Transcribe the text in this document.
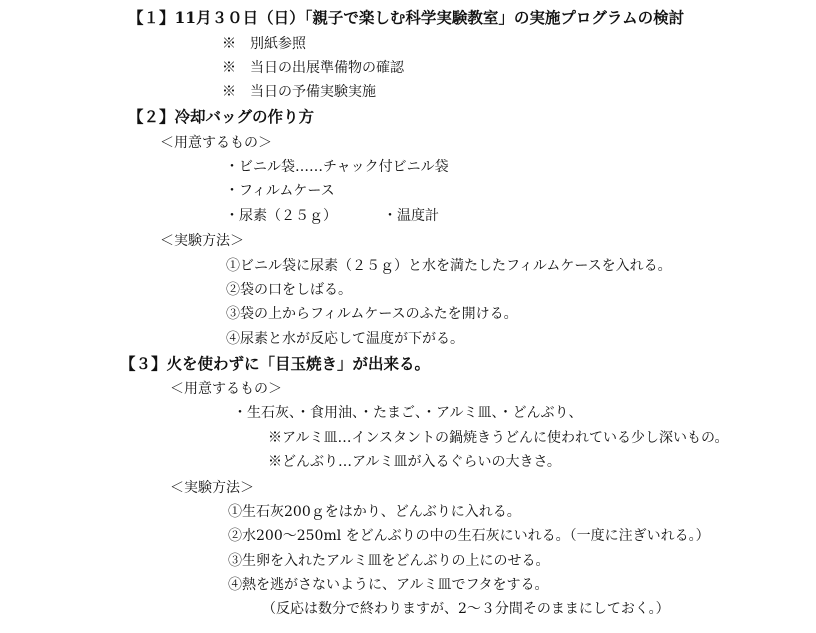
【１】11月３０日（日）「親子で楽しむ科学実験教室」の実施プログラムの検討
※　別紙参照
※　当日の出展準備物の確認
※　当日の予備実験実施
【２】冷却バッグの作り方
＜用意するもの＞
・ビニル袋……チャック付ビニル袋
・フィルムケース
・尿素（２５ｇ）	・温度計
＜実験方法＞
①ビニル袋に尿素（２５ｇ）と水を満たしたフィルムケースを入れる。
②袋の口をしばる。
③袋の上からフィルムケースのふたを開ける。
④尿素と水が反応して温度が下がる。
【３】火を使わずに「目玉焼き」が出来る。
＜用意するもの＞
・生石灰、・食用油、・たまご、・アルミ皿、・どんぶり、
※アルミ皿…インスタントの鍋焼きうどんに使われている少し深いもの。
※どんぶり…アルミ皿が入るぐらいの大きさ。
＜実験方法＞
①生石灰200ｇをはかり、どんぶりに入れる。
②水200～250ml をどんぶりの中の生石灰にいれる。（一度に注ぎいれる。）
③生卵を入れたアルミ皿をどんぶりの上にのせる。
④熱を逃がさないように、アルミ皿でフタをする。
（反応は数分で終わりますが、2～３分間そのままにしておく。）
